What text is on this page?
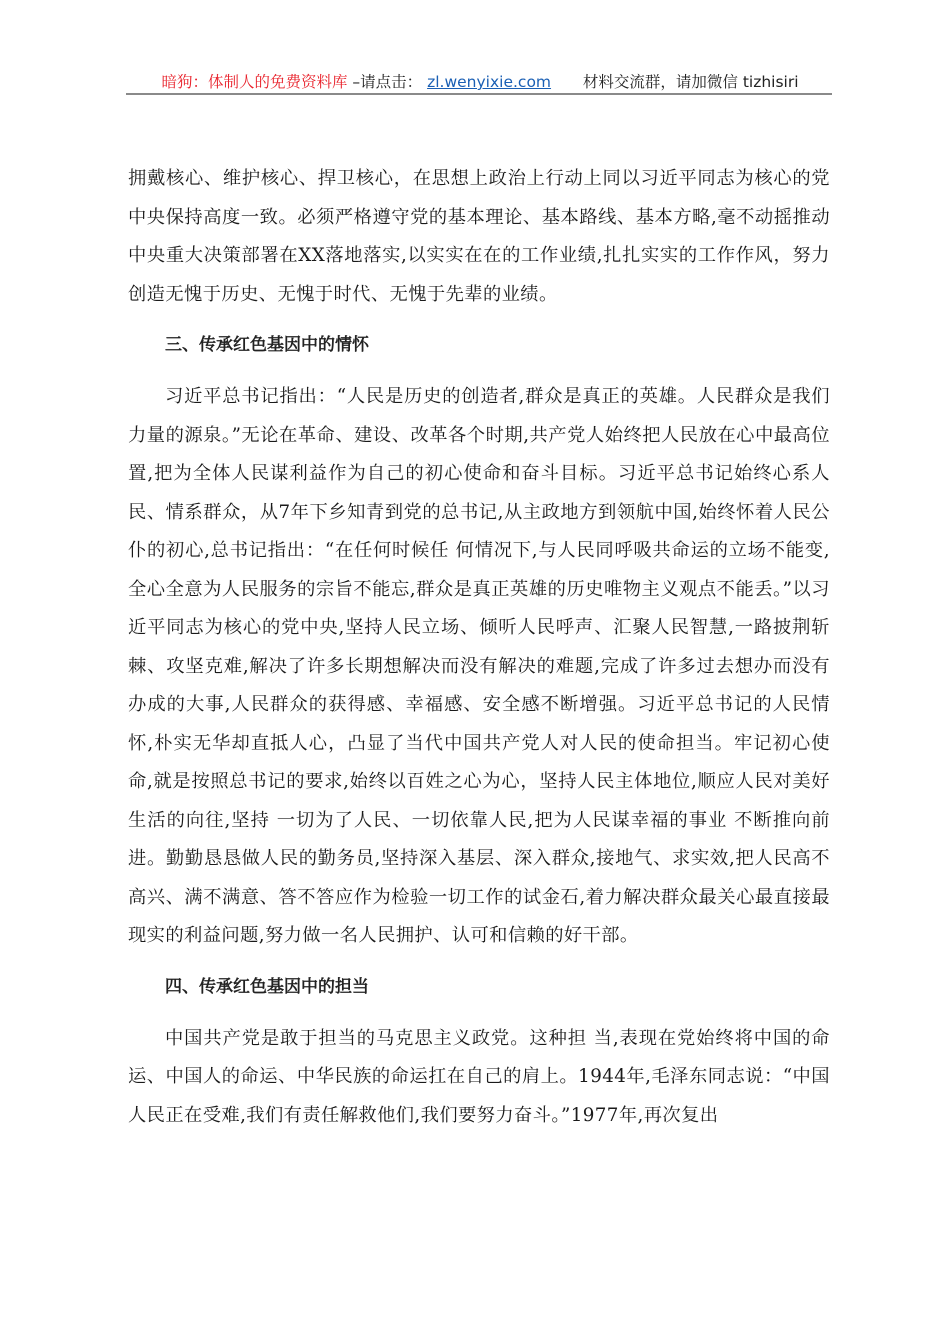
暗狗：体制人的免费资料库 –请点击： zl.wenyixie.com 材料交流群，请加微信 tizhisiri

拥戴核心、维护核心、捍卫核心，在思想上政治上行动上同以习近平同志为核心的党中央保持高度一致。必须严格遵守党的基本理论、基本路线、基本方略,毫不动摇推动中央重大决策部署在XX落地落实,以实实在在的工作业绩,扎扎实实的工作作风，努力创造无愧于历史、无愧于时代、无愧于先辈的业绩。

三、传承红色基因中的情怀

习近平总书记指出：“人民是历史的创造者,群众是真正的英雄。人民群众是我们力量的源泉。”无论在革命、建设、改革各个时期,共产党人始终把人民放在心中最高位置,把为全体人民谋利益作为自己的初心使命和奋斗目标。习近平总书记始终心系人民、情系群众，从7年下乡知青到党的总书记,从主政地方到领航中国,始终怀着人民公仆的初心,总书记指出：“在任何时候任 何情况下,与人民同呼吸共命运的立场不能变,全心全意为人民服务的宗旨不能忘,群众是真正英雄的历史唯物主义观点不能丢。”以习近平同志为核心的党中央,坚持人民立场、倾听人民呼声、汇聚人民智慧,一路披荆斩棘、攻坚克难,解决了许多长期想解决而没有解决的难题,完成了许多过去想办而没有办成的大事,人民群众的获得感、幸福感、安全感不断增强。习近平总书记的人民情怀,朴实无华却直抵人心，凸显了当代中国共产党人对人民的使命担当。牢记初心使命,就是按照总书记的要求,始终以百姓之心为心，坚持人民主体地位,顺应人民对美好生活的向往,坚持 一切为了人民、一切依靠人民,把为人民谋幸福的事业 不断推向前进。勤勤恳恳做人民的勤务员,坚持深入基层、深入群众,接地气、求实效,把人民高不高兴、满不满意、答不答应作为检验一切工作的试金石,着力解决群众最关心最直接最现实的利益问题,努力做一名人民拥护、认可和信赖的好干部。

四、传承红色基因中的担当

中国共产党是敢于担当的马克思主义政党。这种担 当,表现在党始终将中国的命运、中国人的命运、中华民族的命运扛在自己的肩上。1944年,毛泽东同志说：“中国人民正在受难,我们有责任解救他们,我们要努力奋斗。”1977年,再次复出
